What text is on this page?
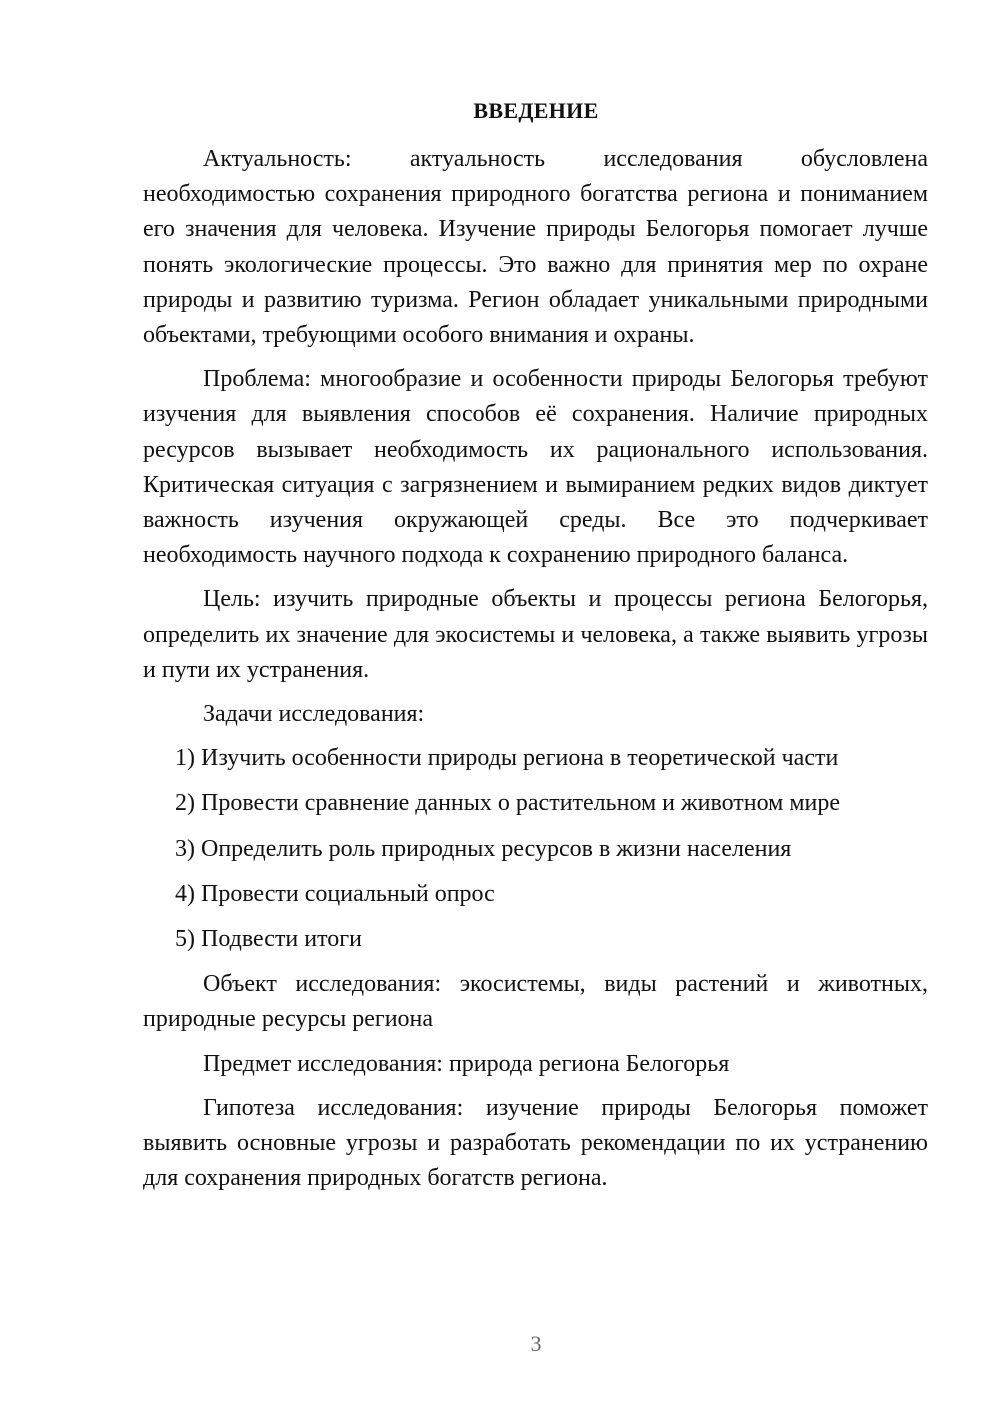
ВВЕДЕНИЕ

Актуальность: актуальность исследования обусловлена необходимостью сохранения природного богатства региона и пониманием его значения для человека. Изучение природы Белогорья помогает лучше понять экологические процессы. Это важно для принятия мер по охране природы и развитию туризма. Регион обладает уникальными природными объектами, требующими особого внимания и охраны.

Проблема: многообразие и особенности природы Белогорья требуют изучения для выявления способов её сохранения. Наличие природных ресурсов вызывает необходимость их рационального использования. Критическая ситуация с загрязнением и вымиранием редких видов диктует важность изучения окружающей среды. Все это подчеркивает необходимость научного подхода к сохранению природного баланса.

Цель: изучить природные объекты и процессы региона Белогорья, определить их значение для экосистемы и человека, а также выявить угрозы и пути их устранения.

Задачи исследования:

1) Изучить особенности природы региона в теоретической части
2) Провести сравнение данных о растительном и животном мире
3) Определить роль природных ресурсов в жизни населения
4) Провести социальный опрос
5) Подвести итоги

Объект исследования: экосистемы, виды растений и животных, природные ресурсы региона

Предмет исследования: природа региона Белогорья

Гипотеза исследования: изучение природы Белогорья поможет выявить основные угрозы и разработать рекомендации по их устранению для сохранения природных богатств региона.

3
